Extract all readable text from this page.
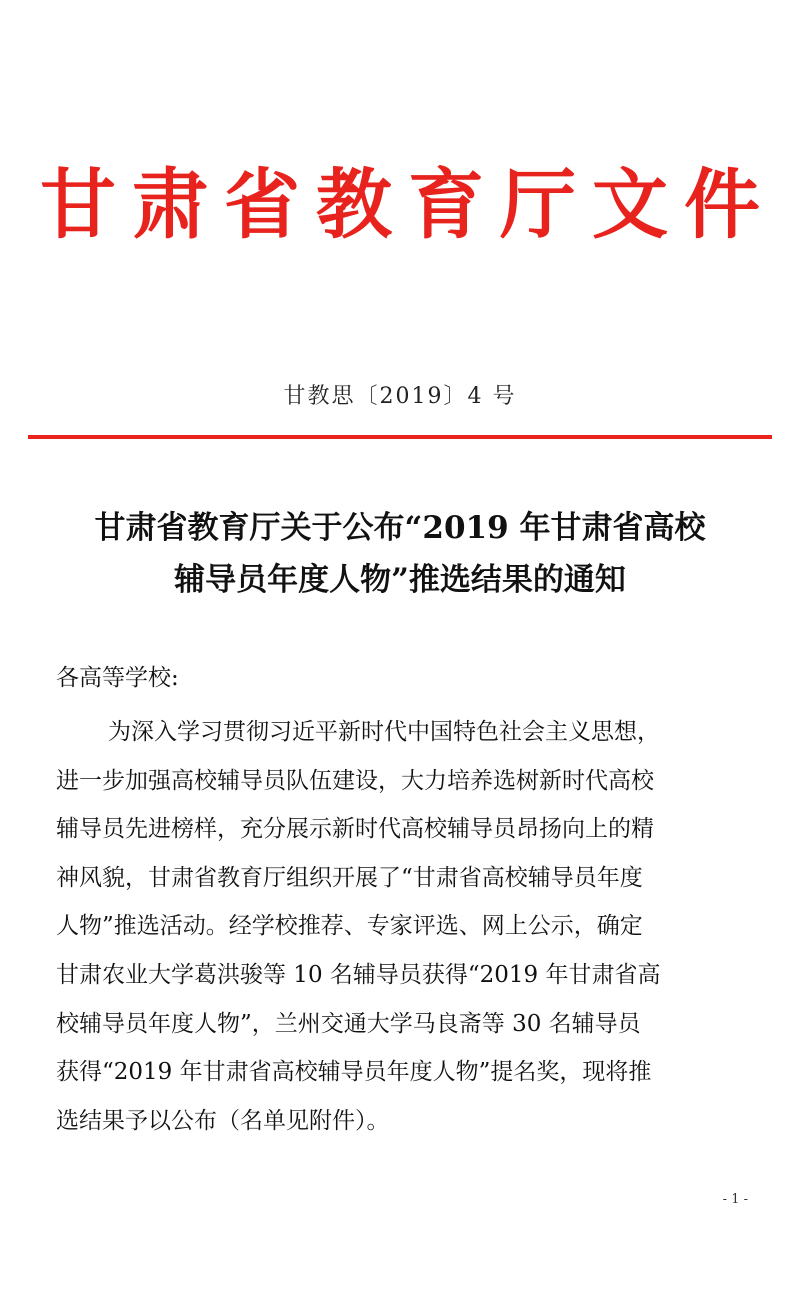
甘肃省教育厅文件
甘教思〔2019〕4 号
甘肃省教育厅关于公布“2019 年甘肃省高校
辅导员年度人物”推选结果的通知
各高等学校:
为深入学习贯彻习近平新时代中国特色社会主义思想，
进一步加强高校辅导员队伍建设，大力培养选树新时代高校
辅导员先进榜样，充分展示新时代高校辅导员昂扬向上的精
神风貌，甘肃省教育厅组织开展了“甘肃省高校辅导员年度
人物”推选活动。经学校推荐、专家评选、网上公示，确定
甘肃农业大学葛洪骏等 10 名辅导员获得“2019 年甘肃省高
校辅导员年度人物”，兰州交通大学马良斋等 30 名辅导员
获得“2019 年甘肃省高校辅导员年度人物”提名奖，现将推
选结果予以公布（名单见附件）。
- 1 -
